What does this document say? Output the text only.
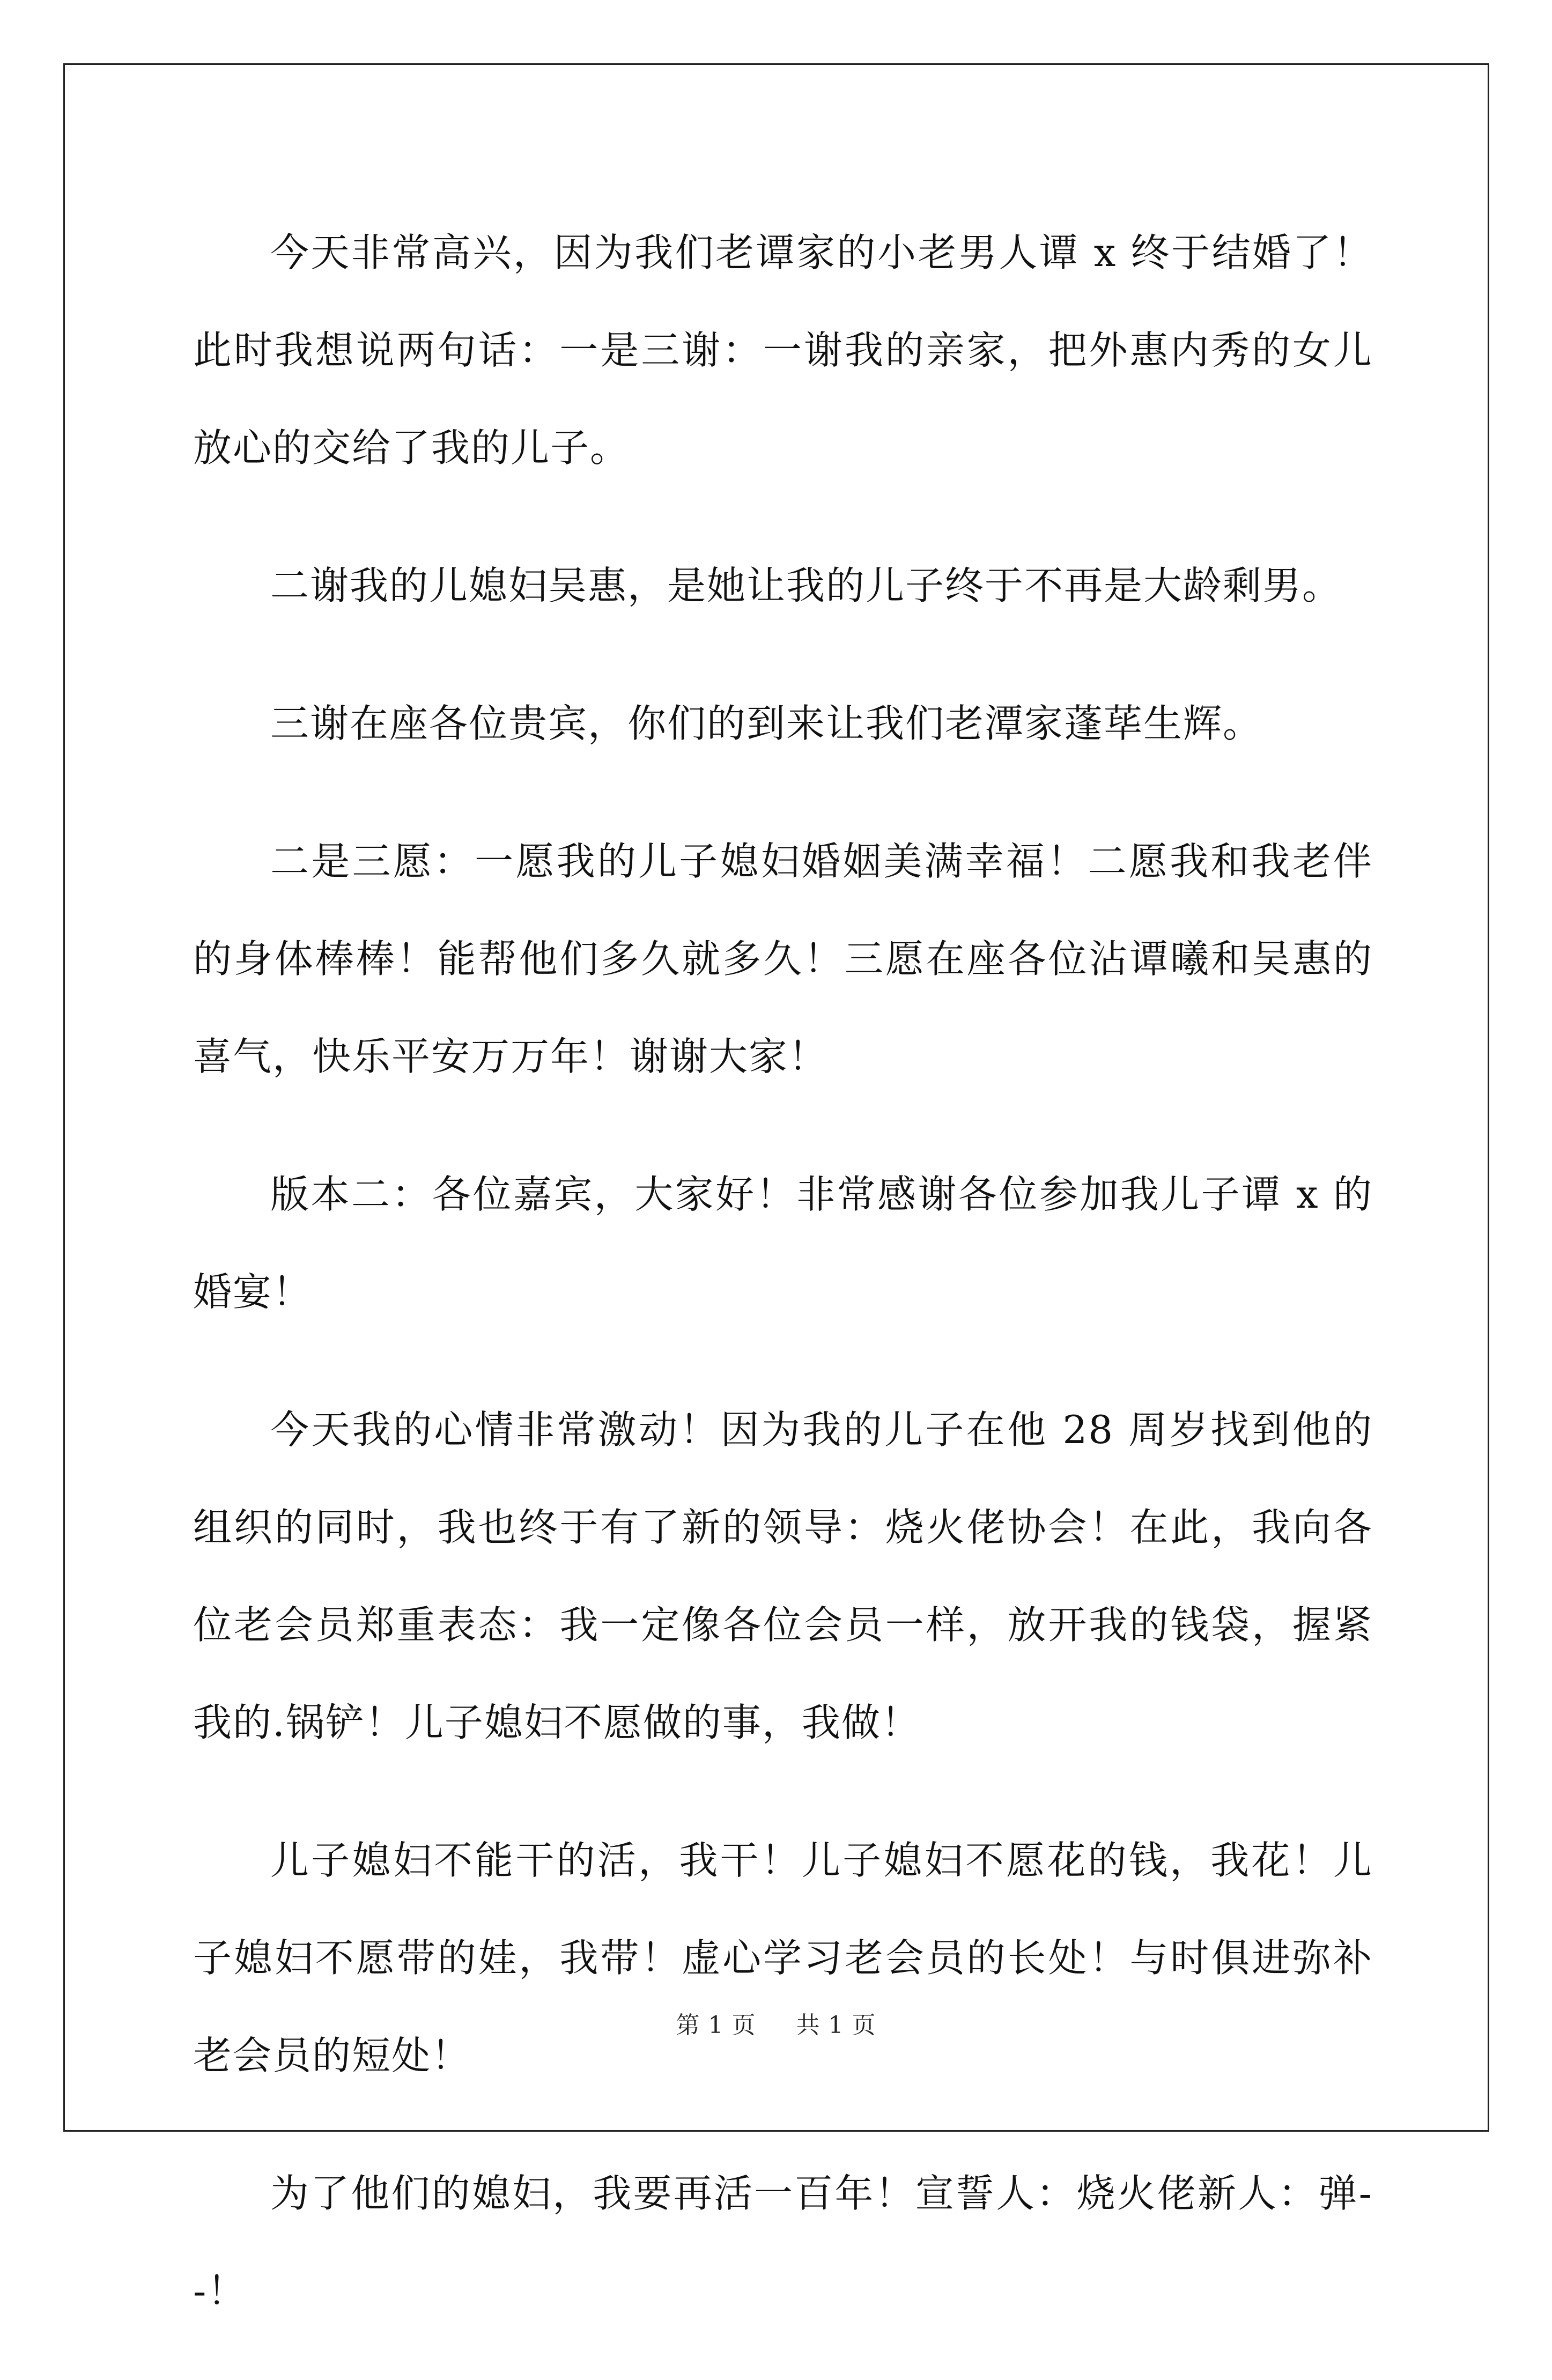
今天非常高兴，因为我们老谭家的小老男人谭 x 终于结婚了！此时我想说两句话：一是三谢：一谢我的亲家，把外惠内秀的女儿放心的交给了我的儿子。

二谢我的儿媳妇吴惠，是她让我的儿子终于不再是大龄剩男。

三谢在座各位贵宾，你们的到来让我们老潭家蓬荜生辉。

二是三愿：一愿我的儿子媳妇婚姻美满幸福！二愿我和我老伴的身体棒棒！能帮他们多久就多久！三愿在座各位沾谭曦和吴惠的喜气，快乐平安万万年！谢谢大家！

版本二：各位嘉宾，大家好！非常感谢各位参加我儿子谭 x 的婚宴！

今天我的心情非常激动！因为我的儿子在他 28 周岁找到他的组织的同时，我也终于有了新的领导：烧火佬协会！在此，我向各位老会员郑重表态：我一定像各位会员一样，放开我的钱袋，握紧我的.锅铲！儿子媳妇不愿做的事，我做！

儿子媳妇不能干的活，我干！儿子媳妇不愿花的钱，我花！儿子媳妇不愿带的娃，我带！虚心学习老会员的长处！与时俱进弥补老会员的短处！

为了他们的媳妇，我要再活一百年！宣誓人：烧火佬新人：弹--！

第 1 页 共 1 页
